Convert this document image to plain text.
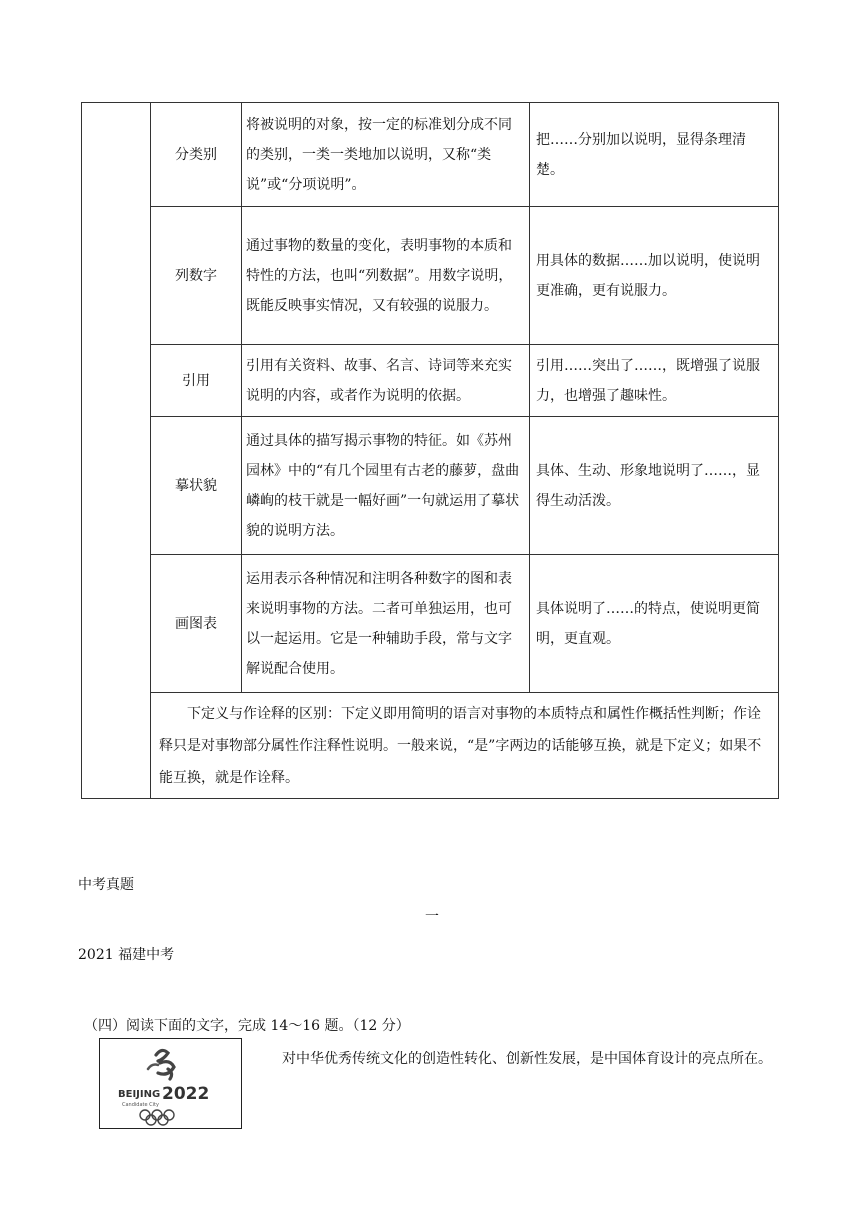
	分类别	将被说明的对象，按一定的标准划分成不同的类别，一类一类地加以说明，又称“类说”或“分项说明”。	把……分别加以说明，显得条理清楚。
	列数字	通过事物的数量的变化，表明事物的本质和特性的方法，也叫“列数据”。用数字说明，既能反映事实情况，又有较强的说服力。	用具体的数据……加以说明，使说明更准确，更有说服力。
	引用	引用有关资料、故事、名言、诗词等来充实说明的内容，或者作为说明的依据。	引用……突出了……，既增强了说服力，也增强了趣味性。
	摹状貌	通过具体的描写揭示事物的特征。如《苏州园林》中的“有几个园里有古老的藤萝，盘曲嶙峋的枝干就是一幅好画”一句就运用了摹状貌的说明方法。	具体、生动、形象地说明了……，显得生动活泼。
	画图表	运用表示各种情况和注明各种数字的图和表来说明事物的方法。二者可单独运用，也可以一起运用。它是一种辅助手段，常与文字解说配合使用。	具体说明了……的特点，使说明更简明，更直观。
	下定义与作诠释的区别：下定义即用简明的语言对事物的本质特点和属性作概括性判断；作诠释只是对事物部分属性作注释性说明。一般来说，“是”字两边的话能够互换，就是下定义；如果不能互换，就是作诠释。		
中考真题
一
2021 福建中考
（四）阅读下面的文字，完成 14～16 题。（12 分）
BEIJING 2022
Candidate City
对中华优秀传统文化的创造性转化、创新性发展，是中国体育设计的亮点所在。
